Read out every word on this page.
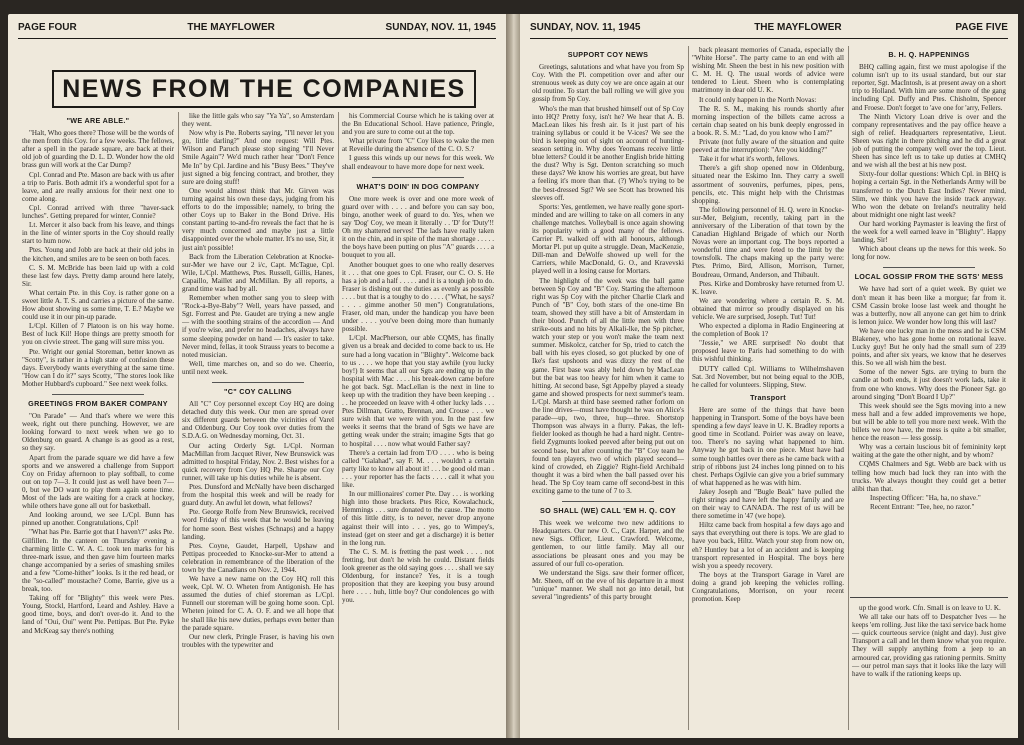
PAGE FOUR	THE MAYFLOWER	SUNDAY, NOV. 11, 1945
NEWS FROM THE COMPANIES
"WE ARE ABLE."

"Halt, Who goes there? Those will be the words of the men from this Coy. for a few weeks. The fellows, after a spell in the parade square, are back at their old job of guarding the D. L. D. Wonder how the old brass gun will work at the Car Dump?

Cpl. Conrad and Pte. Mason are back with us after a trip to Paris. Both admit it's a wonderful spot for a leave, and are really anxious for their next one to come along.

Cpl. Conrad arrived with three "haver-sack lunches". Getting prepared for winter, Connie?

Lt. Mercer it also back from his leave, and things in the line of winter sports in the Coy should really start to hum now.

Ptes. Young and Jobb are back at their old jobs in the kitchen, and smiles are to be seen on both faces.

C. S. M. McBride has been laid up with a cold these last few days. Pretty damp around here lately, Sir.

What certain Pte. in this Coy. is rather gone on a sweet little A. T. S. and carries a picture of the same. How about showing us some time, T. E.? Maybe we could use it in our pin-up parade.

L/Cpl. Killen of 7 Platoon is on his way home. Best of luck Kil! Hope things are pretty smooth for you on civvie street. The gang will sure miss you.

Pte. Wright our genial Storeman, better known as "Scotty", is rather in a high state of confusion these days. Everybody wants everything at the same time. "How can I do it?" says Scotty, "The stores look like Mother Hubbard's cupboard." See next week folks.

GREETINGS FROM BAKER COMPANY

"On Parade" — And that's where we were this week, right out there punching. However, we are looking forward to next week when we go to Oldenburg on guard. A change is as good as a rest, so they say.

Apart from the parade square we did have a few sports and we answered a challenge from Support Coy on Friday afternoon to play softball, to come out on top 7—3. It could just as well have been 7—0, but we DO want to play them again some time. Most of the lads are waiting for a crack at hockey, while others have gone all out for basketball.

And looking around, we see L/Cpl. Bunn has pinned up another. Congratulations, Cpl!

"What has Pte. Barrie got that I haven't?" asks Pte. Gilfillen. In the canteen on Thursday evening a charming little C. W. A. C. took ten marks for his three-mark issue, and then gave him fourteen marks change accompanied by a series of smashing smiles and a few "Come-hither" looks. Is it the red head, or the "so-called" moustache? Come, Barrie, give us a break, too.

Taking off for "Blighty" this week were Ptes. Young, Stockl, Hartford, Leard and Ashley. Have a good time, boys, and don't over-do it. And to the land of "Oui, Oui" went Pte. Pettipas. But Pte. Pyke and McKeag say there's nothing

like the little gals who say "Ya Ya", so Amsterdam they went.

Now why is Pte. Roberts saying, "I'll never let you go, little darling?" And one request: Will Ptes. Wilson and Paruch please stop singing "I'll Never Smile Again"? We'd much rather hear "Don't Fence Me In" by Cpl. Jardine and his "Busy Bees." They've just signed a big fencing contract, and brother, they sure are doing stuff!

One would almost think that Mr. Girven was turning against his own these days, judging from his efforts to do the impossible; namely, to bring the other Coys up to Baker in the Bond Drive. His constant parting to-and-fro reveals the fact that he is very much concerned and maybe just a little disappointed over the whole matter. It's no use, Sir, it just ain't possible!

Back from the Liberation Celebration at Knocke-sur-Mer we have our 2 i/c, Capt. McTague, Cpl. Wile, L/Cpl. Matthews, Ptes. Russell, Gillis, Hanes, Capaillo, Maillet and McMillan. By all reports, a grand time was had by all.

Remember when mother sang you to sleep with "Rock-a-Bye-Baby"? Well, years have passed, and Sgt. Forrest and Pte. Gaudet are trying a new angle — with the soothing strains of the accordion — And if you're wise, and prefer no headaches, always have some sleeping powder on hand — It's easier to take. Never mind, fellas, it took Strauss years to become a noted musician.

Well, time marches on, and so do we. Cheerio, until next week.

"C" COY CALLING

All "C" Coy personnel except Coy HQ are doing detached duty this week. Our men are spread over six different guards between the vicinities of Varel and Oldenburg. Our Coy took over duties from the S.D.A.G. on Wednesday morning, Oct. 31.

Our acting Orderly Sgt. L/Cpl. Norman MacMillan from Jacquet River, New Brunswick was admitted to hospital Friday, Nov. 2. Best wishes for a quick recovery from Coy HQ Pte. Sharpe our Coy runner, will take up his duties while he is absent.

Ptes. Dunsford and McNally have been discharged from the hospital this week and will be ready for guard duty. An awful let down, what fellows?

Pte. George Rolfe from New Brunswick, received word Friday of this week that he would be leaving for home soon. Best wishes (Schnaps) and a happy landing.

Ptes. Coyne, Gaudet, Harpell, Upshaw and Pettipas proceeded to Knocke-sur-Mer to attend a celebration in remembrance of the liberation of the town by the Canadians on Nov. 2, 1944.

We have a new name on the Coy HQ roll this week, Cpl. W. O. Wheten from Antigonish. He has assumed the duties of chief storeman as L/Cpl. Funnell our storeman will be going home soon. Cpl. Wheten joined for C. A. O. F. and we all hope that he shall like his new duties, perhaps even better than the parade square.

Our new clerk, Pringle Fraser, is having his own troubles with the typewriter and

his Commercial Course which he is taking over at the Bn Educational School. Have patience, Pringle, and you are sure to come out at the top.

What private from "C" Coy likes to wake the men at Reveille during the absence of the C. O. S.?

I guess this winds up our news for this week. We shall endeavour to have more dope for next week.

WHAT'S DOIN' IN DOG COMPANY

One more week is over and one more week of guard over with . . . . and before you can say boo, bingo, another week of guard to do. Yes, when we say 'Dog' Coy, we mean it literally . . 'D' for 'Duty'!! Oh my shattered nerves! The lads have really taken it on the chin, and in spite of the man shortage . . . . . the boys have been putting on plus "A" guards . . . . a bouquet to you all.

Another bouquet goes to one who really deserves it . . . that one goes to Cpl. Fraser, our C. O. S. He has a job and a half . . . . . and it is a tough job to do. Fraser is dishing out the duties as evenly as possible . . . . but that is a toughy to do . . . . ("What, he says? . . . . gimme another 50 men") Congratulations, Fraser, old man, under the handicap you have been under . . . . you've been doing more than humanly possible.

L/Cpl. MacPherson, our able CQMS, has finally given us a break and decided to come back to us. He sure had a long vacation in "Blighty". Welcome back to us . . . . we hope that you stay awhile (you lucky boy!) It seems that all our Sgts are ending up in the hospital with Mac . . . . his break-down came before he got back. Sgt. MacLellan is the next in line to keep up with the tradition they have been keeping . . . . he proceeded on leave with 4 other lucky lads . . . Ptes Dillman, Gratto, Brennan, and Crouse . . . we sure wish that we were with you. In the past few weeks it seems that the brand of Sgts we have are getting weak under the strain; imagine Sgts that go to hospital . . . . now what would Father say?

There's a certain lad from T/O . . . . who is being called "Galahad", say F. M. . . . wouldn't a certain party like to know all about it! . . . be good old man . . . . your reporter has the facts . . . . call it what you like.

In our millionaires' corner Pte. Day . . . is working high into those brackets. Ptes Rice, Kowalachuck, Hemmings . . . sure donated to the cause. The motto of this little ditty, is to never, never drop anyone against their will into . . . yes, go to Wimpey's, instead (get on steer and get a discharge) it is better in the long run.

The C. S. M. is fretting the past week . . . . not fretting, but don't he wish he could. Distant fields look greener as the old saying goes . . . . shall we say Oldenburg, for instance? Yes, it is a tough proposition that they are keeping you busy around here . . . . huh, little boy? Our condolences go with you.

SUNDAY, NOV. 11, 1945	THE MAYFLOWER	PAGE FIVE
SUPPORT COY NEWS

Greetings, salutations and what have you from Sp Coy. With the Pl. competition over and after our strenuous week as duty coy we are once again at our old routine. To start the ball rolling we will give you gossip from Sp Coy.

Who's the man that brushed himself out of Sp Coy into HQ? Pretty foxy, isn't he? We hear that A. B. MacLean likes his fresh air. Is it just part of his training syllabus or could it be V-ices? We see the bird is keeping out of sight on account of hunting-season setting in. Why does Yeomans receive little blue letters? Could it be another English bride hitting the dust? Why is Sgt. Denton scratching so much these days? We know his worries are great, but have a feeling it's more than that. (?) Who's trying to be the best-dressed Sgt? We see Scott has browned his sleeves off.

Sports: Yes, gentlemen, we have really gone sport-minded and are willing to take on all comers in any challenge matches. Volleyball is once again showing its popularity with a good many of the fellows. Carrier Pl. walked off with all honours, although Mortar Pl. put up quite a struggle. Dean, MacKenzie, Dill-man and DeWolfe showed up well for the Carriers, while MacDonald, G. O., and Kravevski played well in a losing cause for Mortars.

The highlight of the week was the ball game between Sp Coy and "B" Coy. Starting the afternoon right was Sp Coy with the pitcher Charlie Clark and Punch of "B" Coy, both stars of the one-time Bn team, showed they still have a bit of Amsterdam in their blood. Punch of all the little men with three strike-outs and no hits by Alkali-lke, the Sp pitcher, watch your step or you won't make the team next summer. Miskolcz, catcher for Sp, tried to catch the ball with his eyes closed, so got plucked by one of Ike's fast upshoots and was dizzy the rest of the game. First base was ably held down by MacLean but the bat was too heavy for him when it came to hitting. At second base, Sgt Appelby played a steady game and showed prospects for next summer's team. L/Cpl. Marsh at third base seemed rather forlorn on the line drives—must have thought he was on Alice's parade—up, two, three, hup—three. Shortstop Thompson was always in a flurry. Pakas, the left-fielder looked as though he had a hard night. Centre-field Zygmunts looked peeved after being put out on second base, but after counting the "B" Coy team he found ten players, two of which played second—kind of crowded, eh Ziggie? Right-field Archibald thought it was a bird when the ball passed over his head. The Sp Coy team came off second-best in this exciting game to the tune of 7 to 3.

SO SHALL (WE) CALL 'EM H. Q. COY

This week we welcome two new additions to Headquarters. Our new O. C., Capt. Harper, and the new Sigs. Officer, Lieut. Crawford. Welcome, gentlemen, to our little family. May all our associations be pleasant ones and you may be assured of our full co-operation.

We understand the Sigs. saw their former officer, Mr. Sheen, off on the eve of his departure in a most "unique" manner. We shall not go into detail, but several "ingredients" of this party brought

back pleasant memories of Canada, especially the "White Horse". The party came to an end with all wishing Mr. Sheen the best in his new position with C. M. H. Q. The usual words of advice were tendered to Lieut. Sheen who is contemplating matrimony in dear old U. K.

It could only happen in the North Novas:

The R. S. M., making his rounds shortly after morning inspection of the billets came across a certain chap seated on his bunk deeply engrossed in a book. R. S. M.: "Lad, do you know who I am?"

Private (not fully aware of the situation and quite peeved at the interruption): "Are you kidding?"

Take it for what it's worth, fellows.

There's a gift shop opened now in Oldenburg, situated near the Eskimo Inn. They carry a swell assortment of souvenirs, perfumes, pipes, pens, pencils, etc. This might help with the Christmas shopping.

The following personnel of H. Q. were in Knocke-sur-Mer, Belgium, recently, taking part in the anniversary of the Liberation of that town by the Canadian Highland Brigade of which our North Novas were an important cog. The boys reported a wonderful time and were feted to the limit by the townsfolk. The chaps making up the party were: Ptes. Primo, Bird, Allison, Morrison, Turner, Boudreau, Ormand, Anderson, and Thibault.

Ptes. Kirke and Dombrosky have returned from U. K. leave.

We are wondering where a certain R. S. M. obtained that mirror so proudly displayed on his vehicle. We are surprised, Joseph. Tut! Tut!

Who expected a diploma in Radio Engineering at the completion of Book 1?

"Jessie," we ARE surprised! No doubt that proposed leave to Paris had something to do with this wishful thinking.

DUTY called Cpl. Williams to Wilhelmshaven Sat. 3rd November, but not being equal to the JOB, he called for volunteers. Slipping, Stew.

Transport

Here are some of the things that have been happening in Transport. Some of the boys have been spending a few days' leave in U. K. Bradley reports a good time in Scotland. Poirier was away on leave, too. There's no saying what happened to him. Anyway he got back in one piece. Must have had some tough battles over there as he came back with a strip of ribbons just 24 inches long pinned on to his chest. Perhaps Ogilvie can give you a brief summary of what happened as he was with him.

Jakey Joseph and "Bugle Beak" have pulled the right strings and have left the happy family and are on their way to CANADA. The rest of us will be there sometime in '47 (we hope).

Hiltz came back from hospital a few days ago and says that everything out there is tops. We are glad to have you back, Hiltz. Watch your step from now on, eh? Huntley bat a lot of an accident and is keeping transport represented in Hospital. The boys here wish you a speedy recovery.

The boys at the Transport Garage in Varel are doing a grand job keeping the vehicles rolling. Congratulations, Morrison, on your recent promotion. Keep

B. H. Q. HAPPENINGS

BHQ calling again, first we must apologise if the column isn't up to its usual standard, but our star reporter, Sgt. MacIntosh, is at present away on a short trip to Holland. With him are some more of the gang including Cpl. Duffy and Ptes. Chisholm, Spencer and Froese. Don't forget to 'ave one for 'arry, Fellers.

The Ninth Victory Loan drive is over and the company representatives and the pay office heave a sigh of relief. Headquarters representative, Lieut. Sheen was right in there pitching and he did a great job of putting the company well over the top. Lieut. Sheen has since left us to take up duties at CMHQ and we wish all the best at his new post.

Sixty-four dollar questions: Which Cpl. in BHQ is hoping a certain Sgt. in the Netherlands Army will be transferred to the Dutch East Indies? Never mind, Slim, we think you have the inside track anyway. Who won the debate on Ireland's neutrality held about midnight one night last week?

Our hard working Paymaster is leaving the first of the week for a well earned leave in "Blighty". Happy landing, Sir!

Which about cleans up the news for this week. So long for now.

LOCAL GOSSIP FROM THE SGTS' MESS

We have had sort of a quiet week. By quiet we don't mean it has been like a morgue; far from it. CSM Cassin broke loose last week and thought he was a butterfly, now all anyone can get him to drink is lemon juice. We wonder how long this will last?

We have one lucky man in the mess and he is CSM Blakeney, who has gone home on rotational leave. Lucky guy! But he only had the small sum of 239 points, and after six years, we know that he deserves this. So we all wish him the best.

Some of the newer Sgts. are trying to burn the candle at both ends, it just doesn't work lads, take it from one who knows. Why does the Pioneer Sgt. go around singing "Don't Board I Up?"

This week should see the Sgts moving into a new mess hall and a few added improvements we hope, but will be able to tell you more next week. With the billets we now have, the mess is quite a bit smaller, hence the reason — less gossip.

Why was a certain luscious bit of femininity kept waiting at the gate the other night, and by whom?

CQMS Chalmers and Sgt. Webb are back with us telling how much bad luck they ran into with the trucks. We always thought they could get a better alibi than that.

Inspecting Officer: "Ha, ha, no shave."

Recent Entrant: "Tee, hee, no razor."

up the good work. Cfn. Small is on leave to U. K.

We all take our hats off to Despatcher Ives — he keeps 'em rolling. Just like the taxi service back home — quick courteous service (night and day). Just give Transport a call and let them know what you require. They will supply anything from a jeep to an armoured car, providing gas rationing permits. Smitty — our petrol man says that it looks like the lazy will have to walk if the rationing keeps up.
